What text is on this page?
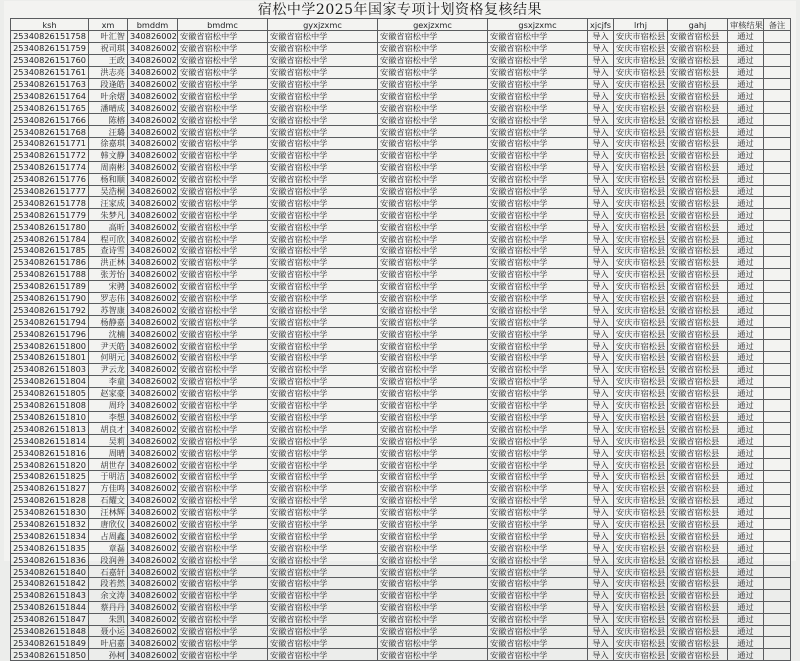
宿松中学2025年国家专项计划资格复核结果
ksh	xm	bmddm	bmdmc	gyxjzxmc	gexjzxmc	gsxjzxmc	xjcjfs	lrhj	gahj	审核结果	备注
25340826151758	叶汇智	340826002	安徽省宿松中学	安徽省宿松中学	安徽省宿松中学	安徽省宿松中学	导入	安庆市宿松县	安徽省宿松县	通过	
25340826151759	祝司琪	340826002	安徽省宿松中学	安徽省宿松中学	安徽省宿松中学	安徽省宿松中学	导入	安庆市宿松县	安徽省宿松县	通过	
25340826151760	王政	340826002	安徽省宿松中学	安徽省宿松中学	安徽省宿松中学	安徽省宿松中学	导入	安庆市宿松县	安徽省宿松县	通过	
25340826151761	洪志亮	340826002	安徽省宿松中学	安徽省宿松中学	安徽省宿松中学	安徽省宿松中学	导入	安庆市宿松县	安徽省宿松县	通过	
25340826151763	段逢皓	340826002	安徽省宿松中学	安徽省宿松中学	安徽省宿松中学	安徽省宿松中学	导入	安庆市宿松县	安徽省宿松县	通过	
25340826151764	叶余熠	340826002	安徽省宿松中学	安徽省宿松中学	安徽省宿松中学	安徽省宿松中学	导入	安庆市宿松县	安徽省宿松县	通过	
25340826151765	潘晴成	340826002	安徽省宿松中学	安徽省宿松中学	安徽省宿松中学	安徽省宿松中学	导入	安庆市宿松县	安徽省宿松县	通过	
25340826151766	陈榕	340826002	安徽省宿松中学	安徽省宿松中学	安徽省宿松中学	安徽省宿松中学	导入	安庆市宿松县	安徽省宿松县	通过	
25340826151768	汪璐	340826002	安徽省宿松中学	安徽省宿松中学	安徽省宿松中学	安徽省宿松中学	导入	安庆市宿松县	安徽省宿松县	通过	
25340826151771	徐嘉琪	340826002	安徽省宿松中学	安徽省宿松中学	安徽省宿松中学	安徽省宿松中学	导入	安庆市宿松县	安徽省宿松县	通过	
25340826151772	韩文静	340826002	安徽省宿松中学	安徽省宿松中学	安徽省宿松中学	安徽省宿松中学	导入	安庆市宿松县	安徽省宿松县	通过	
25340826151774	周南彬	340826002	安徽省宿松中学	安徽省宿松中学	安徽省宿松中学	安徽省宿松中学	导入	安庆市宿松县	安徽省宿松县	通过	
25340826151776	杨和顺	340826002	安徽省宿松中学	安徽省宿松中学	安徽省宿松中学	安徽省宿松中学	导入	安庆市宿松县	安徽省宿松县	通过	
25340826151777	吴浩桐	340826002	安徽省宿松中学	安徽省宿松中学	安徽省宿松中学	安徽省宿松中学	导入	安庆市宿松县	安徽省宿松县	通过	
25340826151778	汪家成	340826002	安徽省宿松中学	安徽省宿松中学	安徽省宿松中学	安徽省宿松中学	导入	安庆市宿松县	安徽省宿松县	通过	
25340826151779	朱梦凡	340826002	安徽省宿松中学	安徽省宿松中学	安徽省宿松中学	安徽省宿松中学	导入	安庆市宿松县	安徽省宿松县	通过	
25340826151780	高昕	340826002	安徽省宿松中学	安徽省宿松中学	安徽省宿松中学	安徽省宿松中学	导入	安庆市宿松县	安徽省宿松县	通过	
25340826151784	程可欣	340826002	安徽省宿松中学	安徽省宿松中学	安徽省宿松中学	安徽省宿松中学	导入	安庆市宿松县	安徽省宿松县	通过	
25340826151785	查诗雪	340826002	安徽省宿松中学	安徽省宿松中学	安徽省宿松中学	安徽省宿松中学	导入	安庆市宿松县	安徽省宿松县	通过	
25340826151786	洪正林	340826002	安徽省宿松中学	安徽省宿松中学	安徽省宿松中学	安徽省宿松中学	导入	安庆市宿松县	安徽省宿松县	通过	
25340826151788	张芳怡	340826002	安徽省宿松中学	安徽省宿松中学	安徽省宿松中学	安徽省宿松中学	导入	安庆市宿松县	安徽省宿松县	通过	
25340826151789	宋骋	340826002	安徽省宿松中学	安徽省宿松中学	安徽省宿松中学	安徽省宿松中学	导入	安庆市宿松县	安徽省宿松县	通过	
25340826151790	罗志伟	340826002	安徽省宿松中学	安徽省宿松中学	安徽省宿松中学	安徽省宿松中学	导入	安庆市宿松县	安徽省宿松县	通过	
25340826151792	苏智康	340826002	安徽省宿松中学	安徽省宿松中学	安徽省宿松中学	安徽省宿松中学	导入	安庆市宿松县	安徽省宿松县	通过	
25340826151794	杨静嘉	340826002	安徽省宿松中学	安徽省宿松中学	安徽省宿松中学	安徽省宿松中学	导入	安庆市宿松县	安徽省宿松县	通过	
25340826151796	沈楠	340826002	安徽省宿松中学	安徽省宿松中学	安徽省宿松中学	安徽省宿松中学	导入	安庆市宿松县	安徽省宿松县	通过	
25340826151800	尹天皓	340826002	安徽省宿松中学	安徽省宿松中学	安徽省宿松中学	安徽省宿松中学	导入	安庆市宿松县	安徽省宿松县	通过	
25340826151801	何明元	340826002	安徽省宿松中学	安徽省宿松中学	安徽省宿松中学	安徽省宿松中学	导入	安庆市宿松县	安徽省宿松县	通过	
25340826151803	尹云龙	340826002	安徽省宿松中学	安徽省宿松中学	安徽省宿松中学	安徽省宿松中学	导入	安庆市宿松县	安徽省宿松县	通过	
25340826151804	李童	340826002	安徽省宿松中学	安徽省宿松中学	安徽省宿松中学	安徽省宿松中学	导入	安庆市宿松县	安徽省宿松县	通过	
25340826151805	赵家豪	340826002	安徽省宿松中学	安徽省宿松中学	安徽省宿松中学	安徽省宿松中学	导入	安庆市宿松县	安徽省宿松县	通过	
25340826151808	周玲	340826002	安徽省宿松中学	安徽省宿松中学	安徽省宿松中学	安徽省宿松中学	导入	安庆市宿松县	安徽省宿松县	通过	
25340826151810	李想	340826002	安徽省宿松中学	安徽省宿松中学	安徽省宿松中学	安徽省宿松中学	导入	安庆市宿松县	安徽省宿松县	通过	
25340826151813	胡良才	340826002	安徽省宿松中学	安徽省宿松中学	安徽省宿松中学	安徽省宿松中学	导入	安庆市宿松县	安徽省宿松县	通过	
25340826151814	吴莉	340826002	安徽省宿松中学	安徽省宿松中学	安徽省宿松中学	安徽省宿松中学	导入	安庆市宿松县	安徽省宿松县	通过	
25340826151816	周晴	340826002	安徽省宿松中学	安徽省宿松中学	安徽省宿松中学	安徽省宿松中学	导入	安庆市宿松县	安徽省宿松县	通过	
25340826151820	胡世存	340826002	安徽省宿松中学	安徽省宿松中学	安徽省宿松中学	安徽省宿松中学	导入	安庆市宿松县	安徽省宿松县	通过	
25340826151825	于明洁	340826002	安徽省宿松中学	安徽省宿松中学	安徽省宿松中学	安徽省宿松中学	导入	安庆市宿松县	安徽省宿松县	通过	
25340826151827	方佳鸣	340826002	安徽省宿松中学	安徽省宿松中学	安徽省宿松中学	安徽省宿松中学	导入	安庆市宿松县	安徽省宿松县	通过	
25340826151828	石耀文	340826002	安徽省宿松中学	安徽省宿松中学	安徽省宿松中学	安徽省宿松中学	导入	安庆市宿松县	安徽省宿松县	通过	
25340826151830	汪林辉	340826002	安徽省宿松中学	安徽省宿松中学	安徽省宿松中学	安徽省宿松中学	导入	安庆市宿松县	安徽省宿松县	通过	
25340826151832	唐欣仪	340826002	安徽省宿松中学	安徽省宿松中学	安徽省宿松中学	安徽省宿松中学	导入	安庆市宿松县	安徽省宿松县	通过	
25340826151834	占周鑫	340826002	安徽省宿松中学	安徽省宿松中学	安徽省宿松中学	安徽省宿松中学	导入	安庆市宿松县	安徽省宿松县	通过	
25340826151835	章磊	340826002	安徽省宿松中学	安徽省宿松中学	安徽省宿松中学	安徽省宿松中学	导入	安庆市宿松县	安徽省宿松县	通过	
25340826151836	段润善	340826002	安徽省宿松中学	安徽省宿松中学	安徽省宿松中学	安徽省宿松中学	导入	安庆市宿松县	安徽省宿松县	通过	
25340826151840	石嘉轩	340826002	安徽省宿松中学	安徽省宿松中学	安徽省宿松中学	安徽省宿松中学	导入	安庆市宿松县	安徽省宿松县	通过	
25340826151842	段若然	340826002	安徽省宿松中学	安徽省宿松中学	安徽省宿松中学	安徽省宿松中学	导入	安庆市宿松县	安徽省宿松县	通过	
25340826151843	余文涛	340826002	安徽省宿松中学	安徽省宿松中学	安徽省宿松中学	安徽省宿松中学	导入	安庆市宿松县	安徽省宿松县	通过	
25340826151844	蔡丹丹	340826002	安徽省宿松中学	安徽省宿松中学	安徽省宿松中学	安徽省宿松中学	导入	安庆市宿松县	安徽省宿松县	通过	
25340826151847	朱凯	340826002	安徽省宿松中学	安徽省宿松中学	安徽省宿松中学	安徽省宿松中学	导入	安庆市宿松县	安徽省宿松县	通过	
25340826151848	聂小运	340826002	安徽省宿松中学	安徽省宿松中学	安徽省宿松中学	安徽省宿松中学	导入	安庆市宿松县	安徽省宿松县	通过	
25340826151849	叶启嘉	340826002	安徽省宿松中学	安徽省宿松中学	安徽省宿松中学	安徽省宿松中学	导入	安庆市宿松县	安徽省宿松县	通过	
25340826151850	孙柯	340826002	安徽省宿松中学	安徽省宿松中学	安徽省宿松中学	安徽省宿松中学	导入	安庆市宿松县	安徽省宿松县	通过	
